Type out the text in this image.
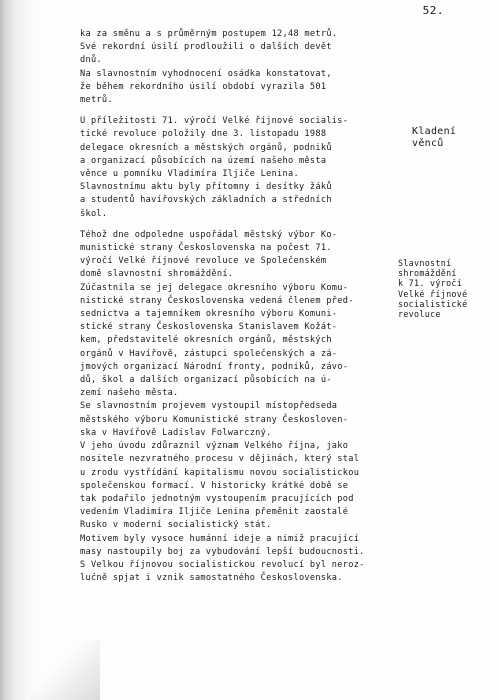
52.
ka za směnu a s průměrným postupem 12,48 metrů.
Své rekordní úsilí prodloužili o dalších devět
dnů.
Na slavnostním vyhodnocení osádka konstatovat,
že během rekordního úsilí období vyrazila 501
metrů.
U příležitosti 71. výročí Velké říjnové socialis-
tické revoluce položily dne 3. listopadu 1988
delegace okresních a městských orgánů, podniků
a organizací působících na území našeho města
věnce u pomníku Vladimíra Iljiče Lenina.
Slavnostnímu aktu byly přítomny i desítky žáků
a studentů havířovských základních a středních
škol.
Téhož dne odpoledne uspořádal městský výbor Ko-
munistické strany Československa na počest 71.
výročí Velké říjnové revoluce ve Společenském
domě slavnostní shromáždění.
Zúčastnila se jej delegace okresního výboru Komu-
nistické strany Československa vedená členem před-
sednictva a tajemníkem okresního výboru Komuni-
stické strany Československa Stanislavem Kožát-
kem, představitelé okresních orgánů, městských
orgánů v Havířově, zástupci společenských a zá-
jmových organizací Národní fronty, podniků, závo-
dů, škol a dalších organizací působících na ú-
zemí našeho města.
Se slavnostním projevem vystoupil místopředseda
městského výboru Komunistické strany Českosloven-
ska v Havířově Ladislav Folwarczný.
V jeho úvodu zdůraznil význam Velkého října, jako
nositele nezvratného procesu v dějinách, který stal
u zrodu vystřídání kapitalismu novou socialistickou
společenskou formací. V historicky krátké době se
tak podařilo jednotným vystoupením pracujících pod
vedením Vladimíra Iljiče Lenina přeměnit zaostalé
Rusko v moderní socialistický stát.
Motivem byly vysoce humánní ideje a nimiž pracující
masy nastoupily boj za vybudování lepší budoucnosti.
S Velkou říjnovou socialistickou revolucí byl neroz-
lučně spjat i vznik samostatného Československa.
Kladení
věnců
Slavnostní
shromáždění
k 71. výročí
Velké říjnové
socialistické
revoluce
